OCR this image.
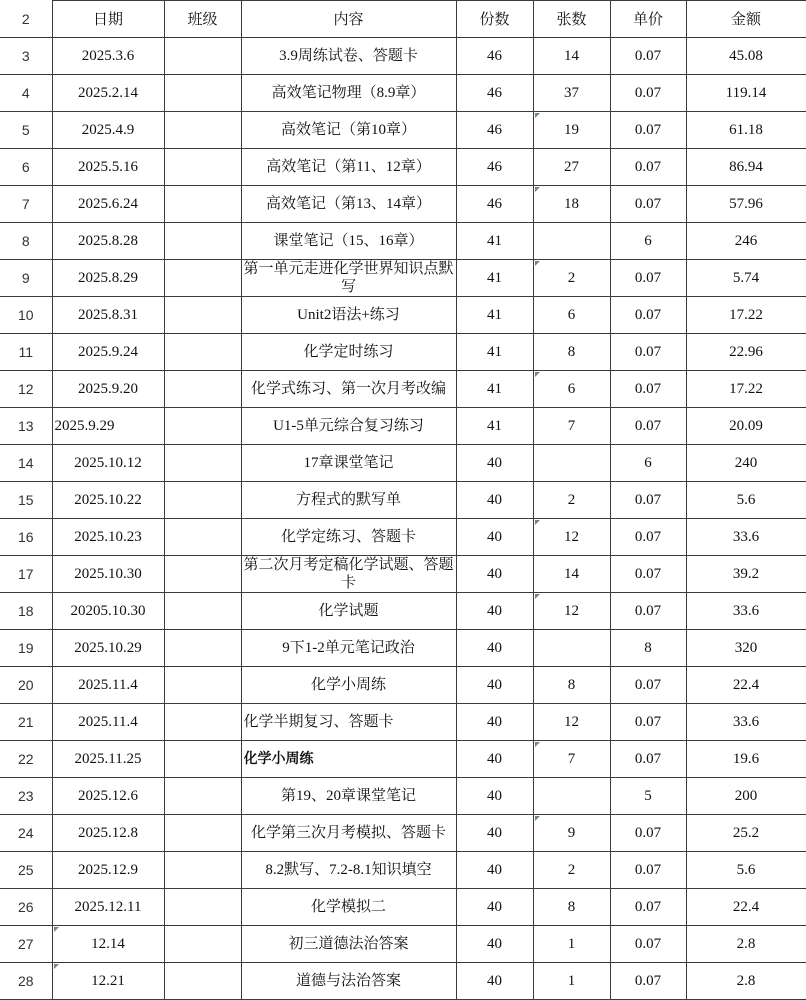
2	日期	班级	内容	份数	张数	单价	金额
3	2025.3.6		3.9周练试卷、答题卡	46	14	0.07	45.08
4	2025.2.14		高效笔记物理（8.9章）	46	37	0.07	119.14
5	2025.4.9		高效笔记（第10章）	46	19	0.07	61.18
6	2025.5.16		高效笔记（第11、12章）	46	27	0.07	86.94
7	2025.6.24		高效笔记（第13、14章）	46	18	0.07	57.96
8	2025.8.28		课堂笔记（15、16章）	41		6	246
9	2025.8.29		第一单元走进化学世界知识点默写	41	2	0.07	5.74
10	2025.8.31		Unit2语法+练习	41	6	0.07	17.22
11	2025.9.24		化学定时练习	41	8	0.07	22.96
12	2025.9.20		化学式练习、第一次月考改编	41	6	0.07	17.22
13	2025.9.29		U1-5单元综合复习练习	41	7	0.07	20.09
14	2025.10.12		17章课堂笔记	40		6	240
15	2025.10.22		方程式的默写单	40	2	0.07	5.6
16	2025.10.23		化学定练习、答题卡	40	12	0.07	33.6
17	2025.10.30		第二次月考定稿化学试题、答题卡	40	14	0.07	39.2
18	20205.10.30		化学试题	40	12	0.07	33.6
19	2025.10.29		9下1-2单元笔记政治	40		8	320
20	2025.11.4		化学小周练	40	8	0.07	22.4
21	2025.11.4		化学半期复习、答题卡	40	12	0.07	33.6
22	2025.11.25		化学小周练	40	7	0.07	19.6
23	2025.12.6		第19、20章课堂笔记	40		5	200
24	2025.12.8		化学第三次月考模拟、答题卡	40	9	0.07	25.2
25	2025.12.9		8.2默写、7.2-8.1知识填空	40	2	0.07	5.6
26	2025.12.11		化学模拟二	40	8	0.07	22.4
27	12.14		初三道德法治答案	40	1	0.07	2.8
28	12.21		道德与法治答案	40	1	0.07	2.8
